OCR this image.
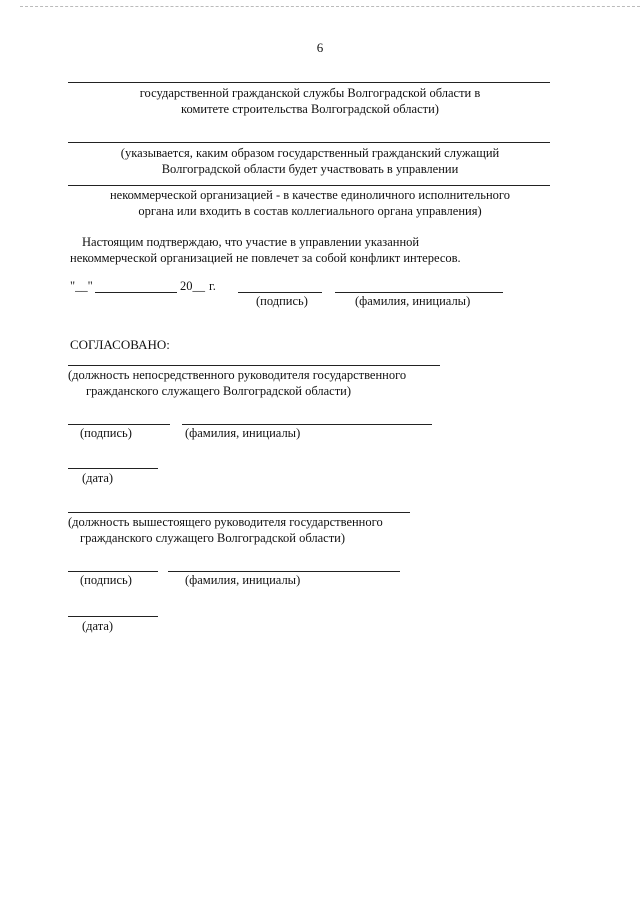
6
государственной гражданской службы Волгоградской области в
комитете строительства Волгоградской области)
(указывается, каким образом государственный гражданский служащий
Волгоградской области будет участвовать в управлении
некоммерческой организацией - в качестве единоличного исполнительного
органа или входить в состав коллегиального органа управления)
Настоящим подтверждаю, что участие в управлении указанной
некоммерческой организацией не повлечет за собой конфликт интересов.
"__"	20__ г.
(подпись)	(фамилия, инициалы)
СОГЛАСОВАНО:
(должность непосредственного руководителя государственного
гражданского служащего Волгоградской области)
(подпись)	(фамилия, инициалы)
(дата)
(должность вышестоящего руководителя государственного
гражданского служащего Волгоградской области)
(подпись)	(фамилия, инициалы)
(дата)
